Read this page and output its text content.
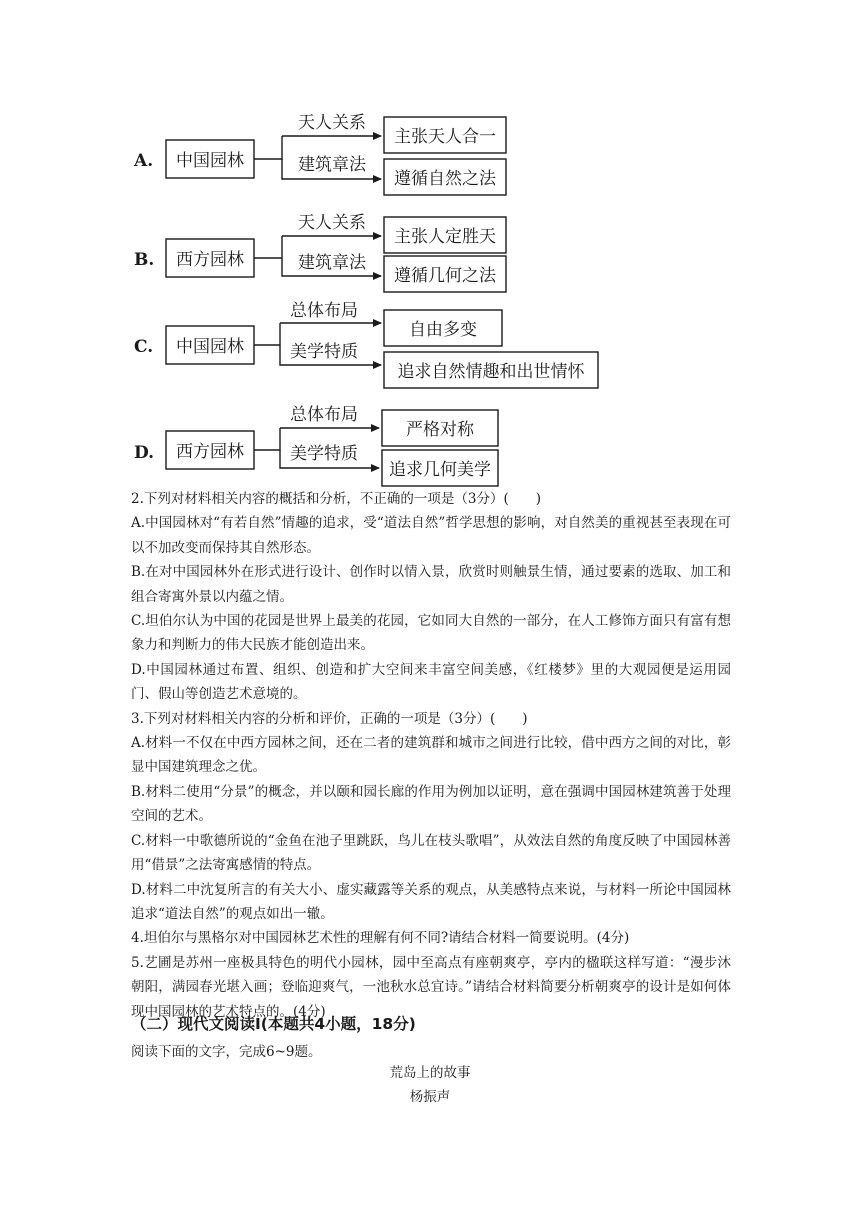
A. 中国园林
天人关系
建筑章法
主张天人合一
遵循自然之法
B. 西方园林
天人关系
建筑章法
主张人定胜天
遵循几何之法
C. 中国园林
总体布局
美学特质
自由多变
追求自然情趣和出世情怀
D. 西方园林
总体布局
美学特质
严格对称
追求几何美学

2.下列对材料相关内容的概括和分析，不正确的一项是（3分）(　　)

A.中国园林对“有若自然”情趣的追求，受“道法自然”哲学思想的影响，对自然美的重视甚至表现在可以不加改变而保持其自然形态。

B.在对中国园林外在形式进行设计、创作时以情入景，欣赏时则触景生情，通过要素的选取、加工和组合寄寓外景以内蕴之情。

C.坦伯尔认为中国的花园是世界上最美的花园，它如同大自然的一部分，在人工修饰方面只有富有想象力和判断力的伟大民族才能创造出来。

D.中国园林通过布置、组织、创造和扩大空间来丰富空间美感，《红楼梦》里的大观园便是运用园门、假山等创造艺术意境的。

3.下列对材料相关内容的分析和评价，正确的一项是（3分）(　　)

A.材料一不仅在中西方园林之间，还在二者的建筑群和城市之间进行比较，借中西方之间的对比，彰显中国建筑理念之优。

B.材料二使用“分景”的概念，并以颐和园长廊的作用为例加以证明，意在强调中国园林建筑善于处理空间的艺术。

C.材料一中歌德所说的“金鱼在池子里跳跃，鸟儿在枝头歌唱”，从效法自然的角度反映了中国园林善用“借景”之法寄寓感情的特点。

D.材料二中沈复所言的有关大小、虚实藏露等关系的观点，从美感特点来说，与材料一所论中国园林追求“道法自然”的观点如出一辙。

4.坦伯尔与黑格尔对中国园林艺术性的理解有何不同?请结合材料一简要说明。(4分)

5.艺圃是苏州一座极具特色的明代小园林，园中至高点有座朝爽亭，亭内的楹联这样写道：“漫步沐朝阳，满园春光堪入画；登临迎爽气，一池秋水总宜诗。”请结合材料简要分析朝爽亭的设计是如何体现中国园林的艺术特点的。(4分)

（二）现代文阅读Ⅰ(本题共4小题，18分)
阅读下面的文字，完成6~9题。
荒岛上的故事
杨振声
